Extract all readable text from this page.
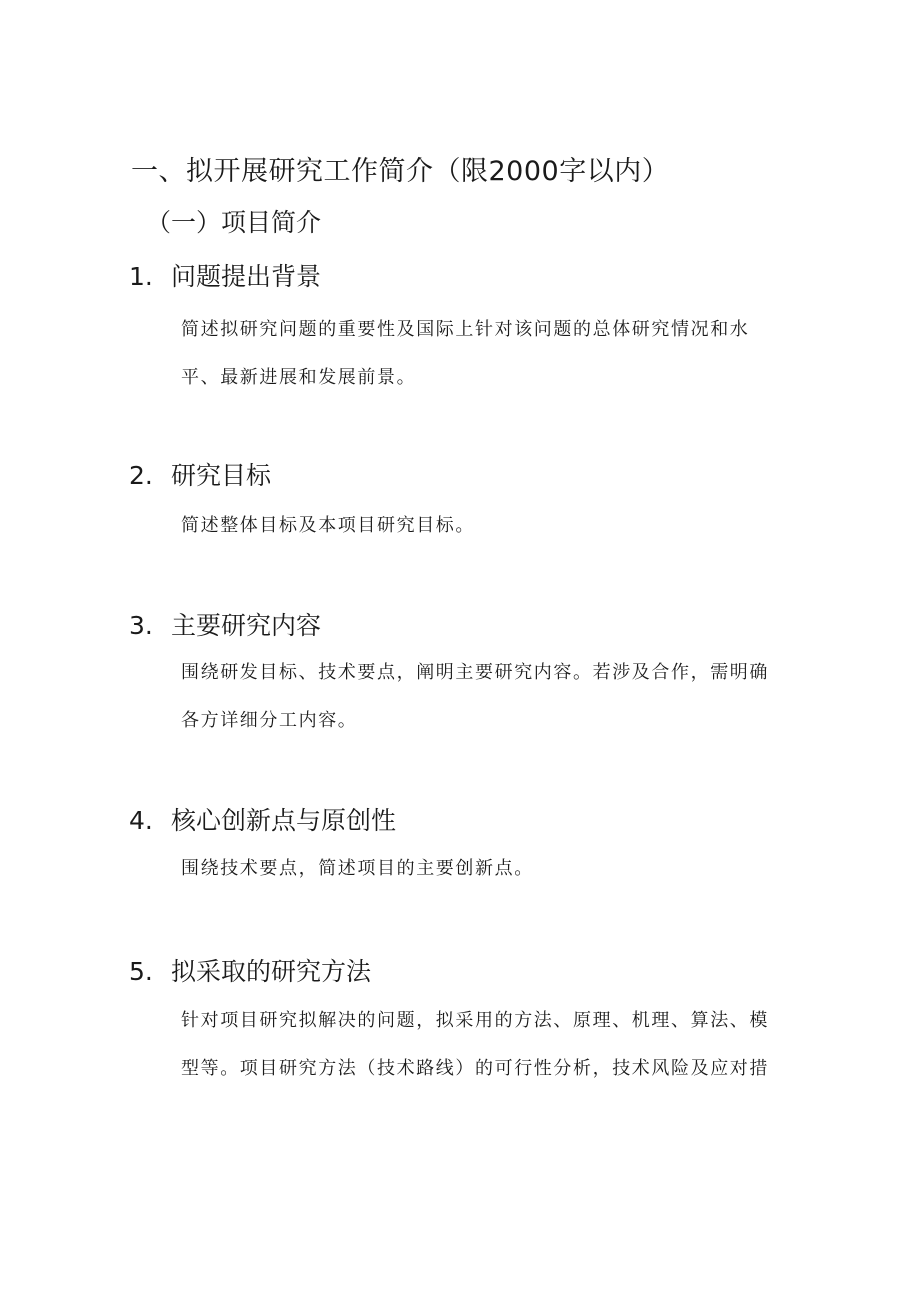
一、拟开展研究工作简介（限2000字以内）
（一）项目简介
1. 问题提出背景
简述拟研究问题的重要性及国际上针对该问题的总体研究情况和水
平、最新进展和发展前景。
2. 研究目标
简述整体目标及本项目研究目标。
3. 主要研究内容
围绕研发目标、技术要点，阐明主要研究内容。若涉及合作，需明确
各方详细分工内容。
4. 核心创新点与原创性
围绕技术要点，简述项目的主要创新点。
5. 拟采取的研究方法
针对项目研究拟解决的问题，拟采用的方法、原理、机理、算法、模
型等。项目研究方法（技术路线）的可行性分析，技术风险及应对措
